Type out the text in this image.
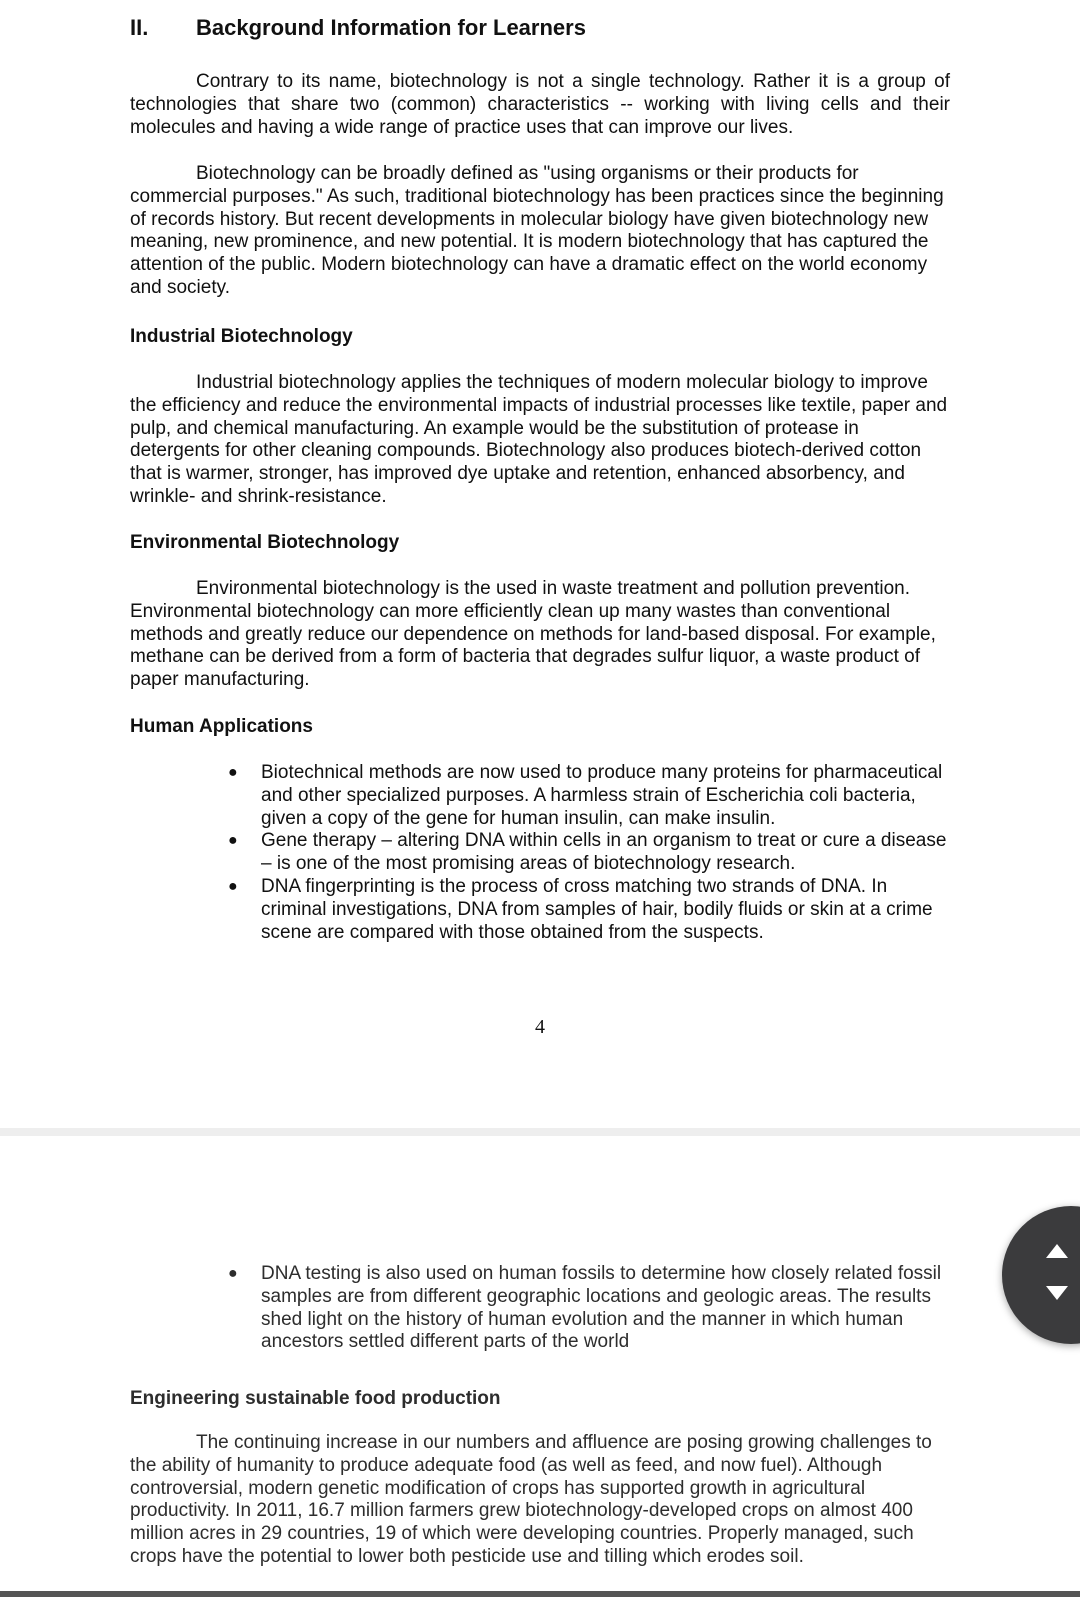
II. Background Information for Learners

Contrary to its name, biotechnology is not a single technology. Rather it is a group of technologies that share two (common) characteristics -- working with living cells and their molecules and having a wide range of practice uses that can improve our lives.

Biotechnology can be broadly defined as "using organisms or their products for commercial purposes." As such, traditional biotechnology has been practices since the beginning of records history. But recent developments in molecular biology have given biotechnology new meaning, new prominence, and new potential. It is modern biotechnology that has captured the attention of the public. Modern biotechnology can have a dramatic effect on the world economy and society.

Industrial Biotechnology

Industrial biotechnology applies the techniques of modern molecular biology to improve the efficiency and reduce the environmental impacts of industrial processes like textile, paper and pulp, and chemical manufacturing. An example would be the substitution of protease in detergents for other cleaning compounds. Biotechnology also produces biotech-derived cotton that is warmer, stronger, has improved dye uptake and retention, enhanced absorbency, and wrinkle- and shrink-resistance.

Environmental Biotechnology

Environmental biotechnology is the used in waste treatment and pollution prevention. Environmental biotechnology can more efficiently clean up many wastes than conventional methods and greatly reduce our dependence on methods for land-based disposal. For example, methane can be derived from a form of bacteria that degrades sulfur liquor, a waste product of paper manufacturing.

Human Applications
● Biotechnical methods are now used to produce many proteins for pharmaceutical and other specialized purposes. A harmless strain of Escherichia coli bacteria, given a copy of the gene for human insulin, can make insulin.
● Gene therapy – altering DNA within cells in an organism to treat or cure a disease – is one of the most promising areas of biotechnology research.
● DNA fingerprinting is the process of cross matching two strands of DNA. In criminal investigations, DNA from samples of hair, bodily fluids or skin at a crime scene are compared with those obtained from the suspects.
4
● DNA testing is also used on human fossils to determine how closely related fossil samples are from different geographic locations and geologic areas. The results shed light on the history of human evolution and the manner in which human ancestors settled different parts of the world
Engineering sustainable food production

The continuing increase in our numbers and affluence are posing growing challenges to the ability of humanity to produce adequate food (as well as feed, and now fuel). Although controversial, modern genetic modification of crops has supported growth in agricultural productivity. In 2011, 16.7 million farmers grew biotechnology-developed crops on almost 400 million acres in 29 countries, 19 of which were developing countries. Properly managed, such crops have the potential to lower both pesticide use and tilling which erodes soil.
